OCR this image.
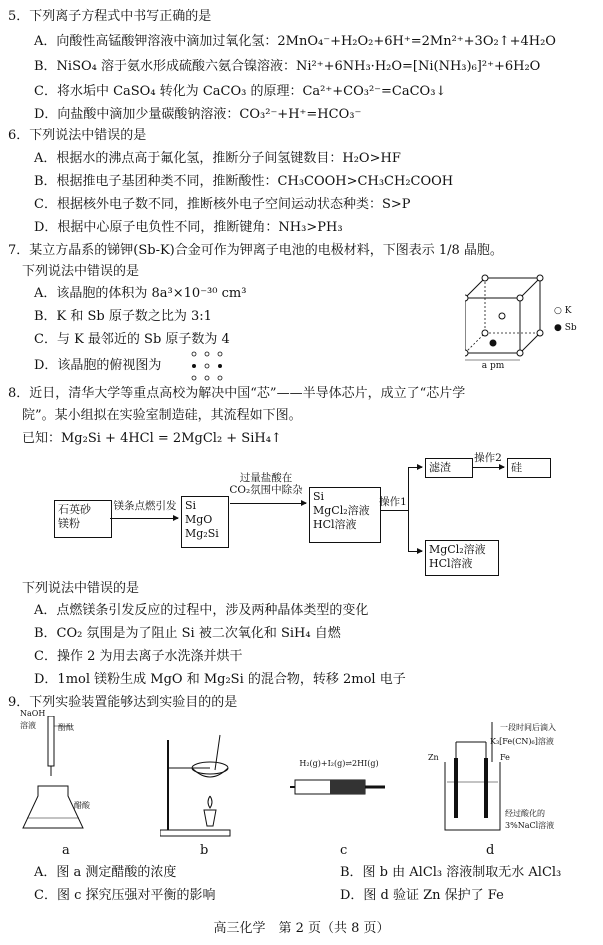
5．下列离子方程式中书写正确的是
A．向酸性高锰酸钾溶液中滴加过氧化氢：2MnO₄⁻+H₂O₂+6H⁺=2Mn²⁺+3O₂↑+4H₂O
B．NiSO₄ 溶于氨水形成硫酸六氨合镍溶液：Ni²⁺+6NH₃·H₂O=[Ni(NH₃)₆]²⁺+6H₂O
C．将水垢中 CaSO₄ 转化为 CaCO₃ 的原理：Ca²⁺+CO₃²⁻=CaCO₃↓
D．向盐酸中滴加少量碳酸钠溶液：CO₃²⁻+H⁺=HCO₃⁻
6．下列说法中错误的是
A．根据水的沸点高于氟化氢，推断分子间氢键数目：H₂O>HF
B．根据推电子基团种类不同，推断酸性：CH₃COOH>CH₃CH₂COOH
C．根据核外电子数不同，推断核外电子空间运动状态种类：S>P
D．根据中心原子电负性不同，推断键角：NH₃>PH₃
7．某立方晶系的锑钾(Sb-K)合金可作为钾离子电池的电极材料，下图表示 1/8 晶胞。
下列说法中错误的是
A．该晶胞的体积为 8a³×10⁻³⁰ cm³
B．K 和 Sb 原子数之比为 3:1
C．与 K 最邻近的 Sb 原子数为 4
D．该晶胞的俯视图为	a pm
○ K
● Sb
8．近日，清华大学等重点高校为解决中国“芯”——半导体芯片，成立了“芯片学
院”。某小组拟在实验室制造硅，其流程如下图。
已知：Mg₂Si + 4HCl = 2MgCl₂ + SiH₄↑
石英砂
镁粉
镁条点燃引发 Si
MgO
Mg₂Si
过量盐酸在
CO₂氛围中除杂 Si
MgCl₂溶液
HCl溶液
操作1
滤渣
操作2
硅
MgCl₂溶液
HCl溶液
下列说法中错误的是
A．点燃镁条引发反应的过程中，涉及两种晶体类型的变化
B．CO₂ 氛围是为了阻止 Si 被二次氧化和 SiH₄ 自燃
C．操作 2 为用去离子水洗涤并烘干
D．1mol 镁粉生成 MgO 和 Mg₂Si 的混合物，转移 2mol 电子
9．下列实验装置能够达到实验目的的是
NaOH溶液	酚酞
醋酸
H₂(g)+I₂(g)⇌2HI(g)
一段时间后滴入
K₃[Fe(CN)₆]溶液
Zn	Fe
经过酸化的
3%NaCl溶液
a	b	c	d
A．图 a 测定醋酸的浓度	B．图 b 由 AlCl₃ 溶液制取无水 AlCl₃
C．图 c 探究压强对平衡的影响	D．图 d 验证 Zn 保护了 Fe
高三化学　第 2 页（共 8 页）
